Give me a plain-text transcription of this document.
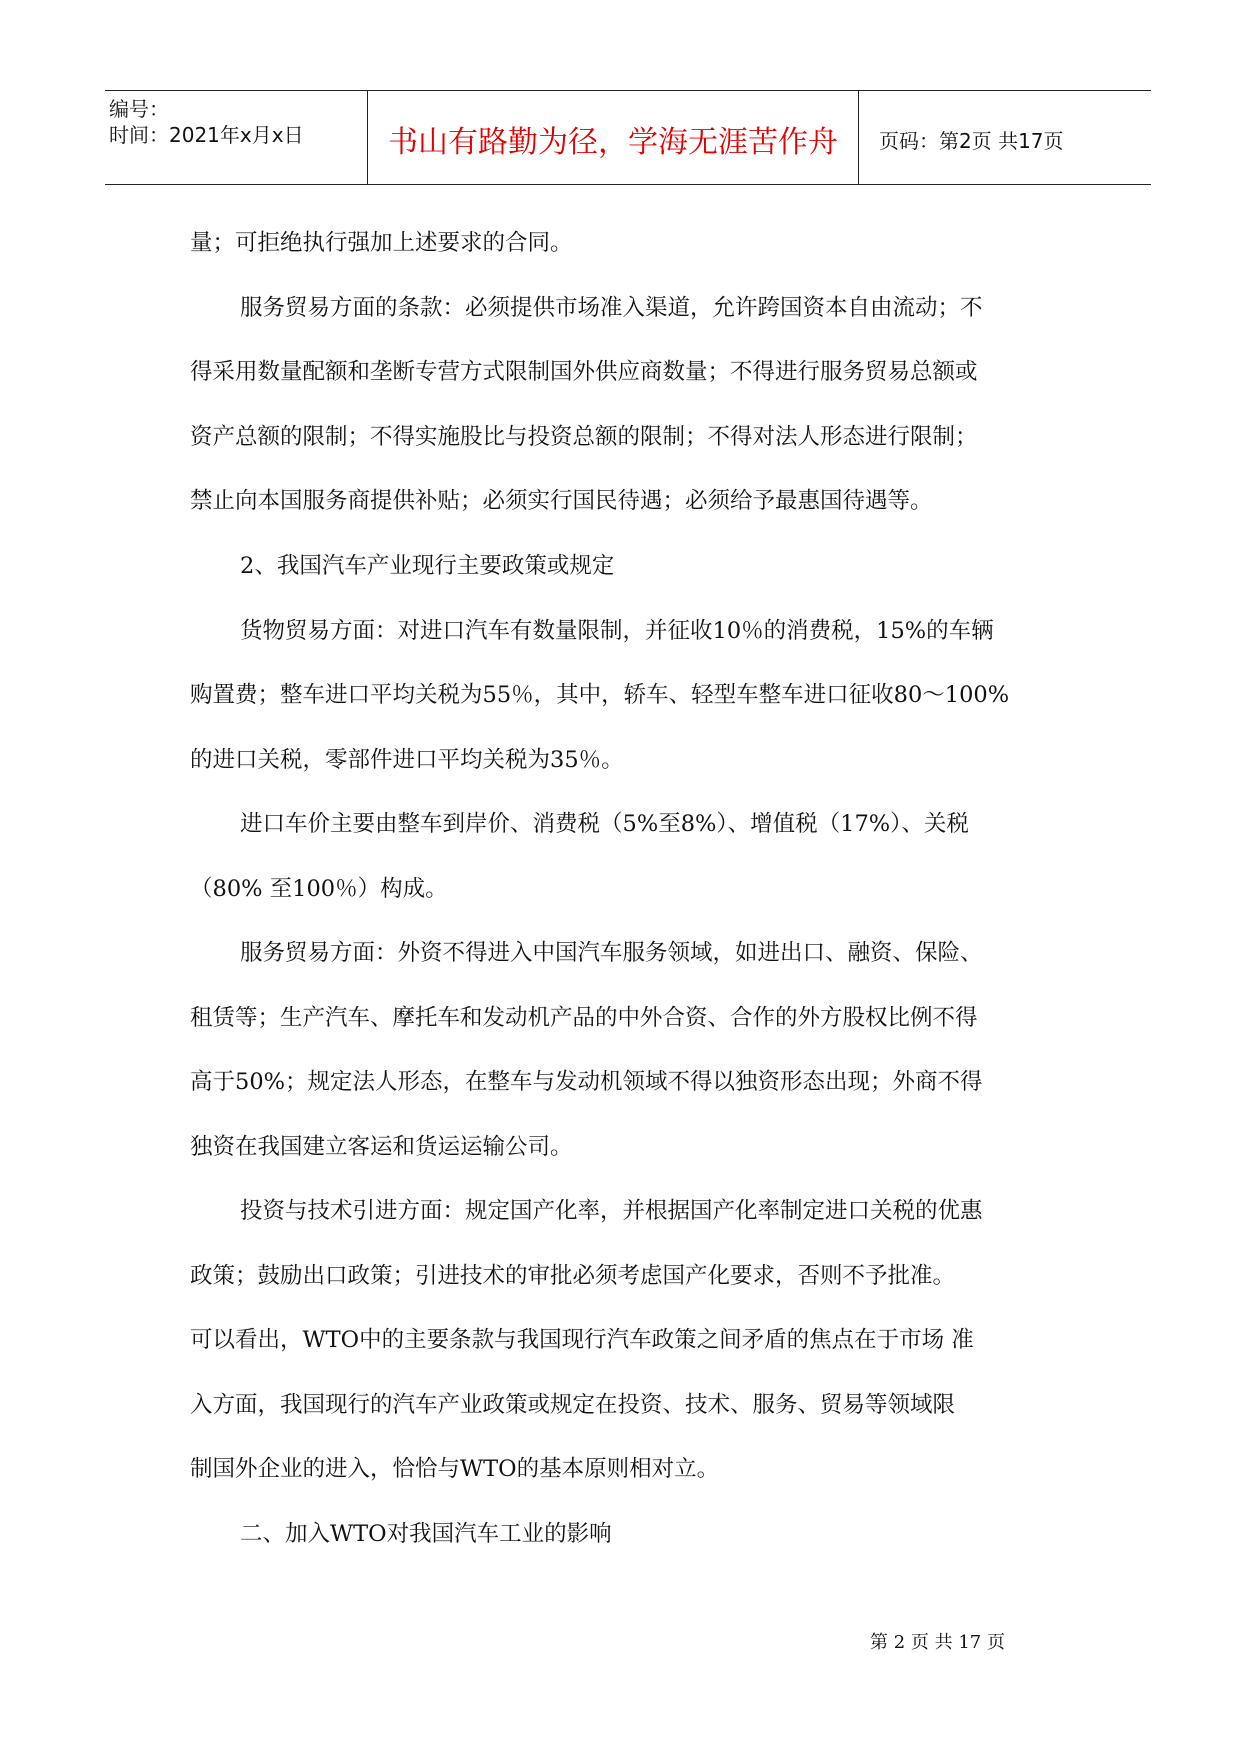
编号：
时间：2021年x月x日	书山有路勤为径，学海无涯苦作舟	页码：第2页 共17页
量；可拒绝执行强加上述要求的合同。
服务贸易方面的条款：必须提供市场准入渠道，允许跨国资本自由流动；不
得采用数量配额和垄断专营方式限制国外供应商数量；不得进行服务贸易总额或
资产总额的限制；不得实施股比与投资总额的限制；不得对法人形态进行限制；
禁止向本国服务商提供补贴；必须实行国民待遇；必须给予最惠国待遇等。
2、我国汽车产业现行主要政策或规定
货物贸易方面：对进口汽车有数量限制，并征收10％的消费税，15%的车辆
购置费；整车进口平均关税为55％，其中，轿车、轻型车整车进口征收80～100%
的进口关税，零部件进口平均关税为35％。
进口车价主要由整车到岸价、消费税（5%至8%）、增值税（17%）、关税
（80% 至100％）构成。
服务贸易方面：外资不得进入中国汽车服务领域，如进出口、融资、保险、
租赁等；生产汽车、摩托车和发动机产品的中外合资、合作的外方股权比例不得
高于50%；规定法人形态，在整车与发动机领域不得以独资形态出现；外商不得
独资在我国建立客运和货运运输公司。
投资与技术引进方面：规定国产化率，并根据国产化率制定进口关税的优惠
政策；鼓励出口政策；引进技术的审批必须考虑国产化要求，否则不予批准。
可以看出，WTO中的主要条款与我国现行汽车政策之间矛盾的焦点在于市场 准
入方面，我国现行的汽车产业政策或规定在投资、技术、服务、贸易等领域限
制国外企业的进入，恰恰与WTO的基本原则相对立。
二、加入WTO对我国汽车工业的影响
第 2 页 共 17 页
